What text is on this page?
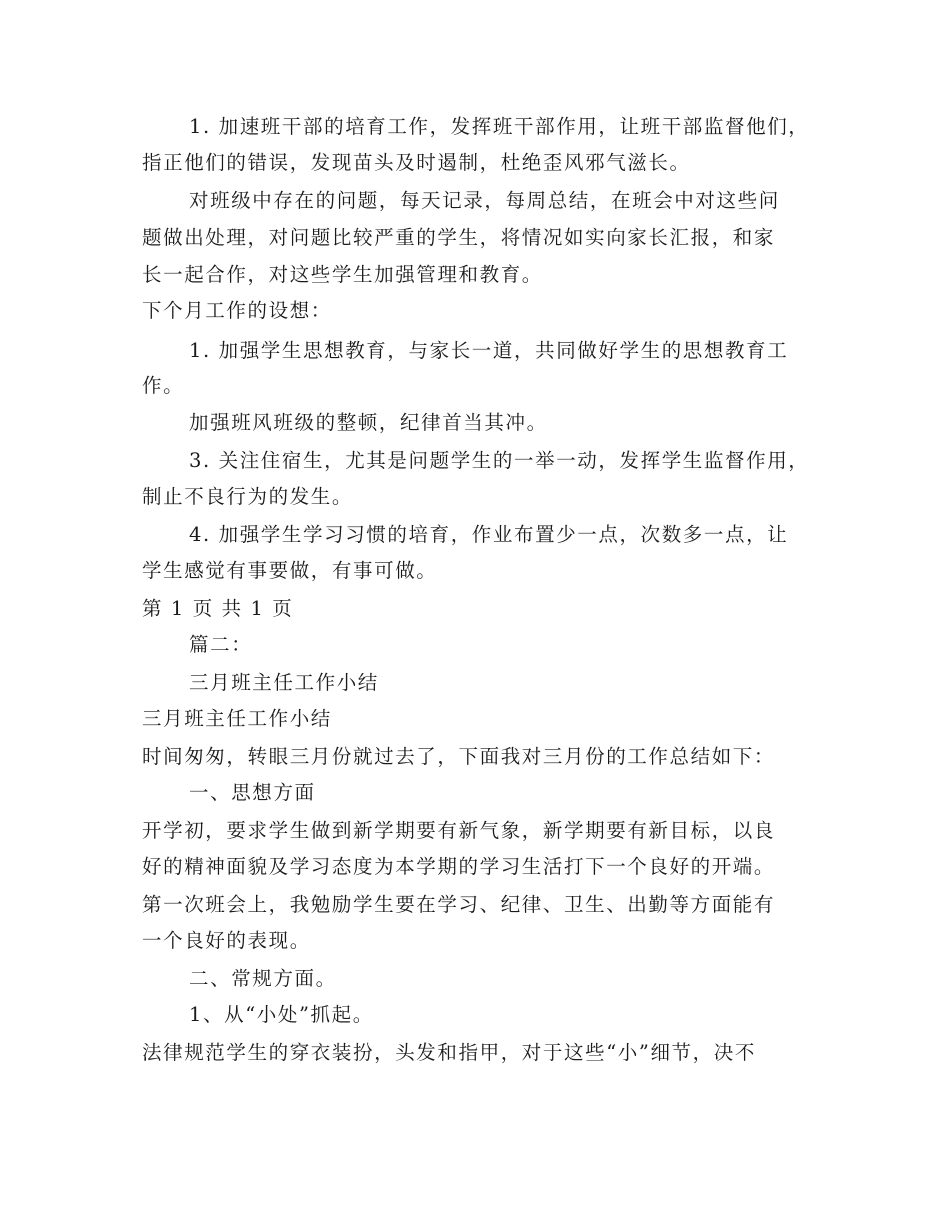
1. 加速班干部的培育工作，发挥班干部作用，让班干部监督他们，
指正他们的错误，发现苗头及时遏制，杜绝歪风邪气滋长。
对班级中存在的问题，每天记录，每周总结，在班会中对这些问
题做出处理，对问题比较严重的学生，将情况如实向家长汇报，和家
长一起合作，对这些学生加强管理和教育。
下个月工作的设想：
1. 加强学生思想教育，与家长一道，共同做好学生的思想教育工
作。
加强班风班级的整顿，纪律首当其冲。
3. 关注住宿生，尤其是问题学生的一举一动，发挥学生监督作用，
制止不良行为的发生。
4. 加强学生学习习惯的培育，作业布置少一点，次数多一点，让
学生感觉有事要做，有事可做。
第 1 页 共 1 页
篇二：
三月班主任工作小结
三月班主任工作小结
时间匆匆，转眼三月份就过去了，下面我对三月份的工作总结如下：
一、思想方面
开学初，要求学生做到新学期要有新气象，新学期要有新目标，以良
好的精神面貌及学习态度为本学期的学习生活打下一个良好的开端。
第一次班会上，我勉励学生要在学习、纪律、卫生、出勤等方面能有
一个良好的表现。
二、常规方面。
1、从“小处”抓起。
法律规范学生的穿衣装扮，头发和指甲，对于这些“小”细节，决不
